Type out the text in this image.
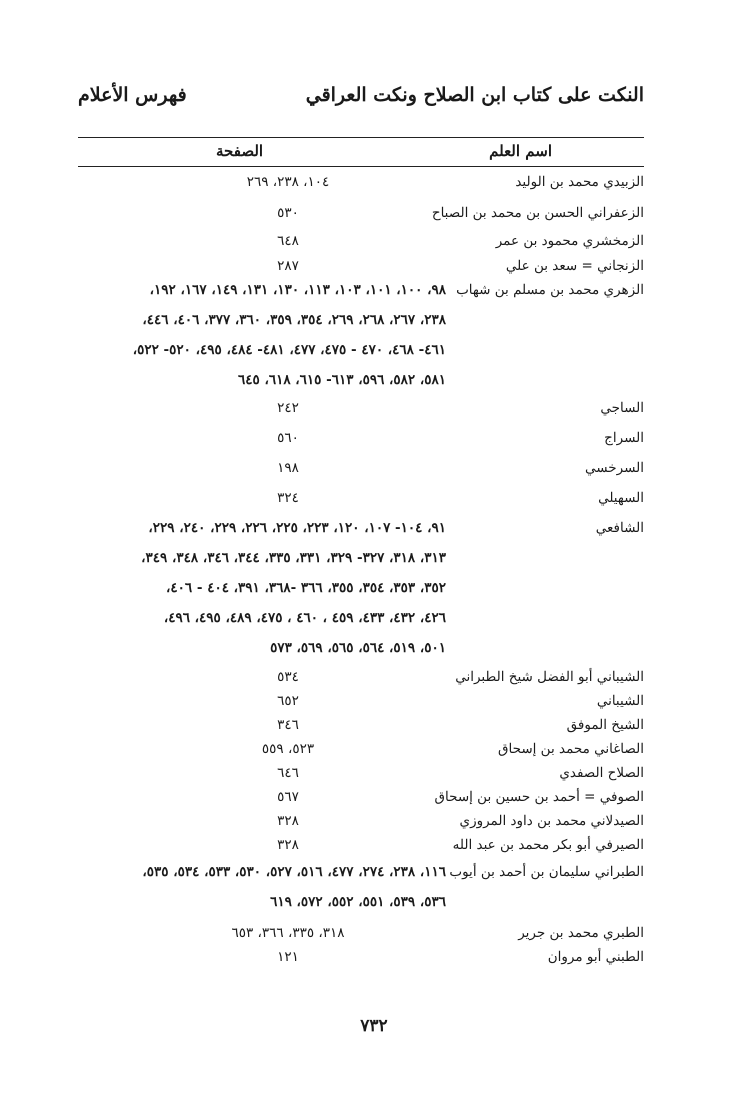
النكت على كتاب ابن الصلاح ونكت العراقي
فهرس الأعلام
اسم العلم
الصفحة
الزبيدي محمد بن الوليد
١٠٤، ٢٣٨، ٢٦٩
الزعفراني الحسن بن محمد بن الصباح
٥٣٠
الزمخشري محمود بن عمر
٦٤٨
الزنجاني = سعد بن علي
٢٨٧
الزهري محمد بن مسلم بن شهاب
٩٨، ١٠٠، ١٠١، ١٠٣، ١١٣، ١٣٠، ١٣١، ١٤٩، ١٦٧، ١٩٢،
٢٣٨، ٢٦٧، ٢٦٨، ٢٦٩، ٣٥٤، ٣٥٩، ٣٦٠، ٣٧٧، ٤٠٦، ٤٤٦،
٤٦١- ٤٦٨، ٤٧٠ - ٤٧٥، ٤٧٧، ٤٨١- ٤٨٤، ٤٩٥، ٥٢٠- ٥٢٢،
٥٨١، ٥٨٢، ٥٩٦، ٦١٣- ٦١٥، ٦١٨، ٦٤٥
الساجي
٢٤٢
السراج
٥٦٠
السرخسي
١٩٨
السهيلي
٣٢٤
الشافعي
٩١، ١٠٤- ١٠٧، ١٢٠، ٢٢٣، ٢٢٥، ٢٢٦، ٢٢٩، ٢٤٠، ٢٢٩،
٣١٣، ٣١٨، ٣٢٧- ٣٢٩، ٣٣١، ٣٣٥، ٣٤٤، ٣٤٦، ٣٤٨، ٣٤٩،
٣٥٢، ٣٥٣، ٣٥٤، ٣٥٥، ٣٦٦ -٣٦٨، ٣٩١، ٤٠٤ - ٤٠٦،
٤٢٦، ٤٣٢، ٤٣٣، ٤٥٩ ، ٤٦٠ ، ٤٧٥، ٤٨٩، ٤٩٥، ٤٩٦،
٥٠١، ٥١٩، ٥٦٤، ٥٦٥، ٥٦٩، ٥٧٣
الشيباني أبو الفضل شيخ الطبراني
٥٣٤
الشيباني
٦٥٢
الشيخ الموفق
٣٤٦
الصاغاني محمد بن إسحاق
٥٢٣، ٥٥٩
الصلاح الصفدي
٦٤٦
الصوفي = أحمد بن حسين بن إسحاق
٥٦٧
الصيدلاني محمد بن داود المروزي
٣٢٨
الصيرفي أبو بكر محمد بن عبد الله
٣٢٨
الطبراني سليمان بن أحمد بن أيوب
١١٦، ٢٣٨، ٢٧٤، ٤٧٧، ٥١٦، ٥٢٧، ٥٣٠، ٥٣٣، ٥٣٤، ٥٣٥،
٥٣٦، ٥٣٩، ٥٥١، ٥٥٢، ٥٧٢، ٦١٩
الطبري محمد بن جرير
٣١٨، ٣٣٥، ٣٦٦، ٦٥٣
الطبني أبو مروان
١٢١
٧٣٢
